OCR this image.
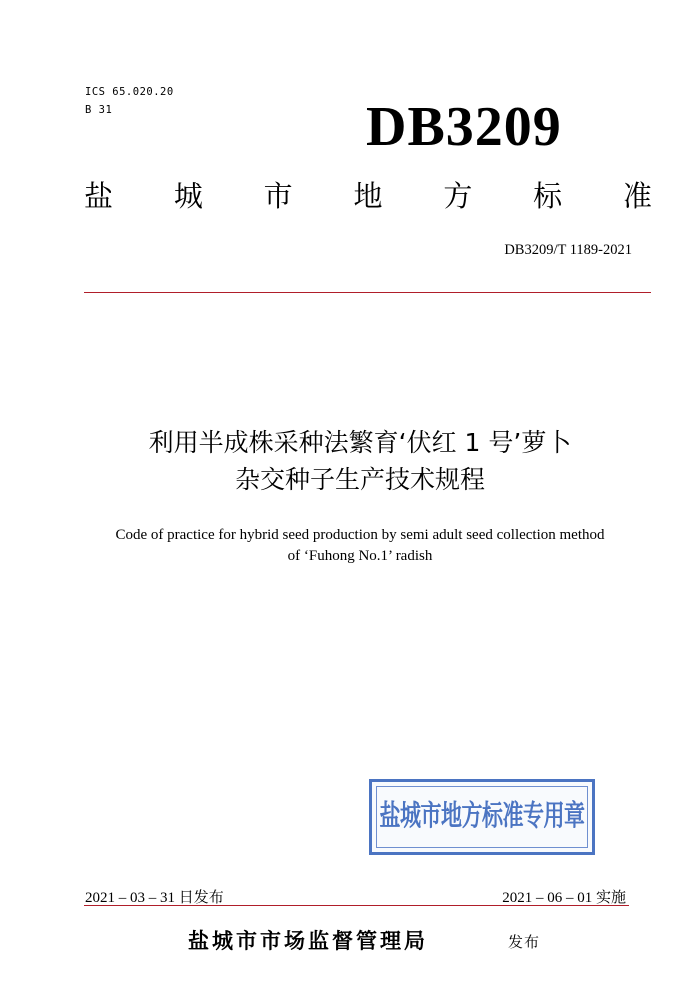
ICS 65.020.20
B 31	DB3209
盐 城 市 地 方 标 准
DB3209/T 1189-2021
利用半成株采种法繁育‘伏红 1 号’萝卜
杂交种子生产技术规程
Code of practice for hybrid seed production by semi adult seed collection method
of ‘Fuhong No.1’ radish
盐城市地方标准专用章
2021 – 03 – 31 日发布	2021 – 06 – 01 实施
盐城市市场监督管理局	发布
